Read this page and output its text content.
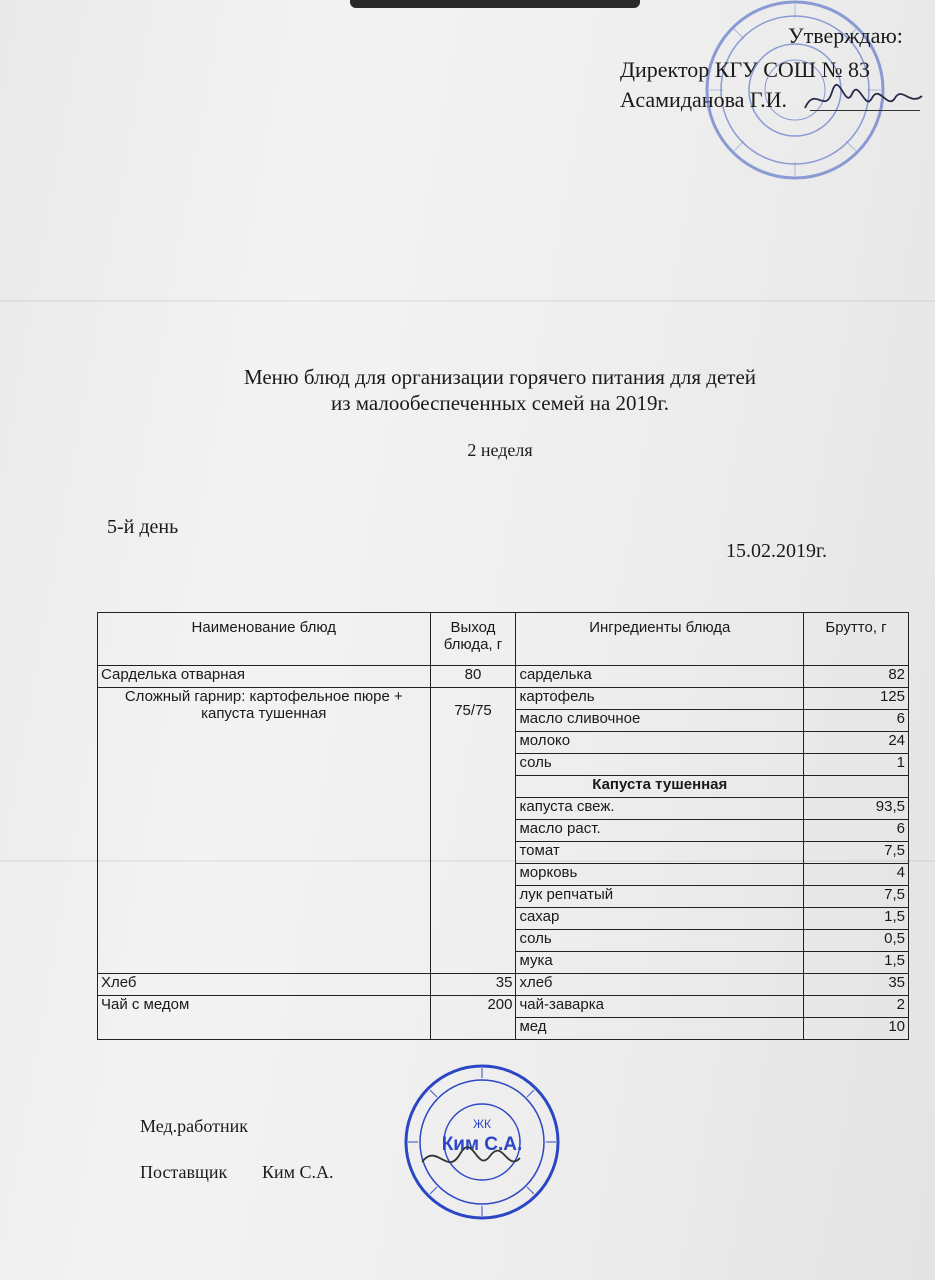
Утверждаю:
Директор КГУ СОШ № 83
Асамиданова Г.И.
Меню блюд для организации горячего питания для детей
из малообеспеченных семей на 2019г.
2 неделя
5-й день
15.02.2019г.
Наименование блюд	Выход блюда, г	Ингредиенты блюда	Брутто, г
Сарделька отварная	80	сарделька	82
Сложный гарнир: картофельное пюре + капуста тушенная	75/75	картофель	125
		масло сливочное	6
		молоко	24
		соль	1
		Капуста тушенная	
		капуста свеж.	93,5
		масло раст.	6
		томат	7,5
		морковь	4
		лук репчатый	7,5
		сахар	1,5
		соль	0,5
		мука	1,5
Хлеб	35	хлеб	35
Чай с медом	200	чай-заварка	2
		мед	10
Мед.работник
Поставщик Ким С.А.
ЖК
Ким С.А.
